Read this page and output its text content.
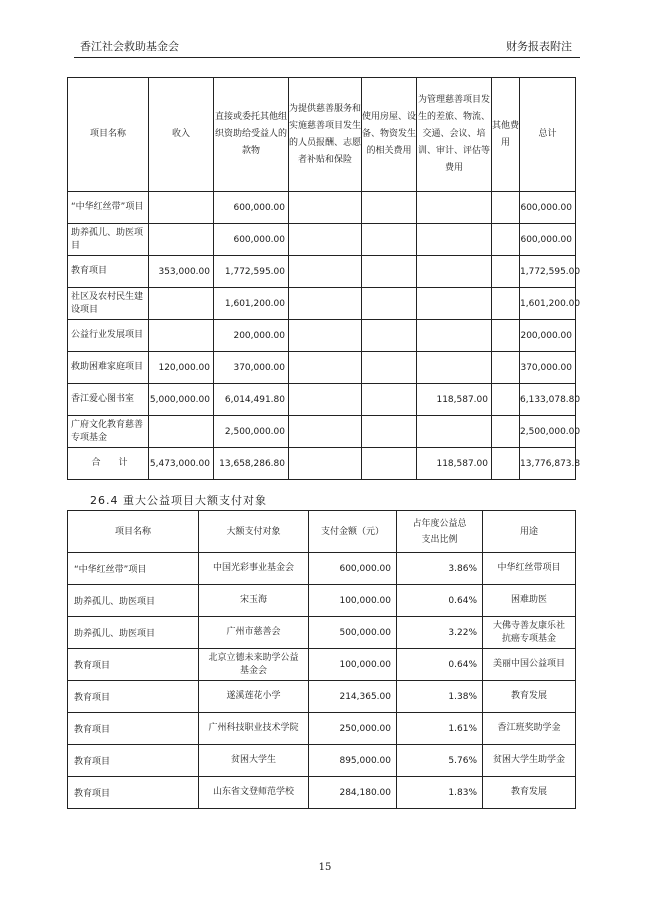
香江社会救助基金会	财务报表附注
项目名称	收入	直接或委托其他组织资助给受益人的款物	为提供慈善服务和实施慈善项目发生的人员报酬、志愿者补贴和保险	使用房屋、设备、物资发生的相关费用	为管理慈善项目发生的差旅、物流、交通、会议、培训、审计、评估等费用	其他费用	总计
“中华红丝带”项目		600,000.00					600,000.00
助养孤儿、助医项目		600,000.00					600,000.00
教育项目	353,000.00	1,772,595.00					1,772,595.00
社区及农村民生建设项目		1,601,200.00					1,601,200.00
公益行业发展项目		200,000.00					200,000.00
救助困难家庭项目	120,000.00	370,000.00					370,000.00
香江爱心图书室	5,000,000.00	6,014,491.80			118,587.00		6,133,078.80
广府文化教育慈善专项基金		2,500,000.00					2,500,000.00
合　　计	5,473,000.00	13,658,286.80			118,587.00		13,776,873.8
26.4 重大公益项目大额支付对象
项目名称	大额支付对象	支付金额（元）	占年度公益总支出比例	用途
“中华红丝带”项目	中国光彩事业基金会	600,000.00	3.86%	中华红丝带项目
助养孤儿、助医项目	宋玉海	100,000.00	0.64%	困难助医
助养孤儿、助医项目	广州市慈善会	500,000.00	3.22%	大佛寺善友康乐社抗癌专项基金
教育项目	北京立德未来助学公益基金会	100,000.00	0.64%	美丽中国公益项目
教育项目	遂溪莲花小学	214,365.00	1.38%	教育发展
教育项目	广州科技职业技术学院	250,000.00	1.61%	香江班奖助学金
教育项目	贫困大学生	895,000.00	5.76%	贫困大学生助学金
教育项目	山东省文登师范学校	284,180.00	1.83%	教育发展
15
